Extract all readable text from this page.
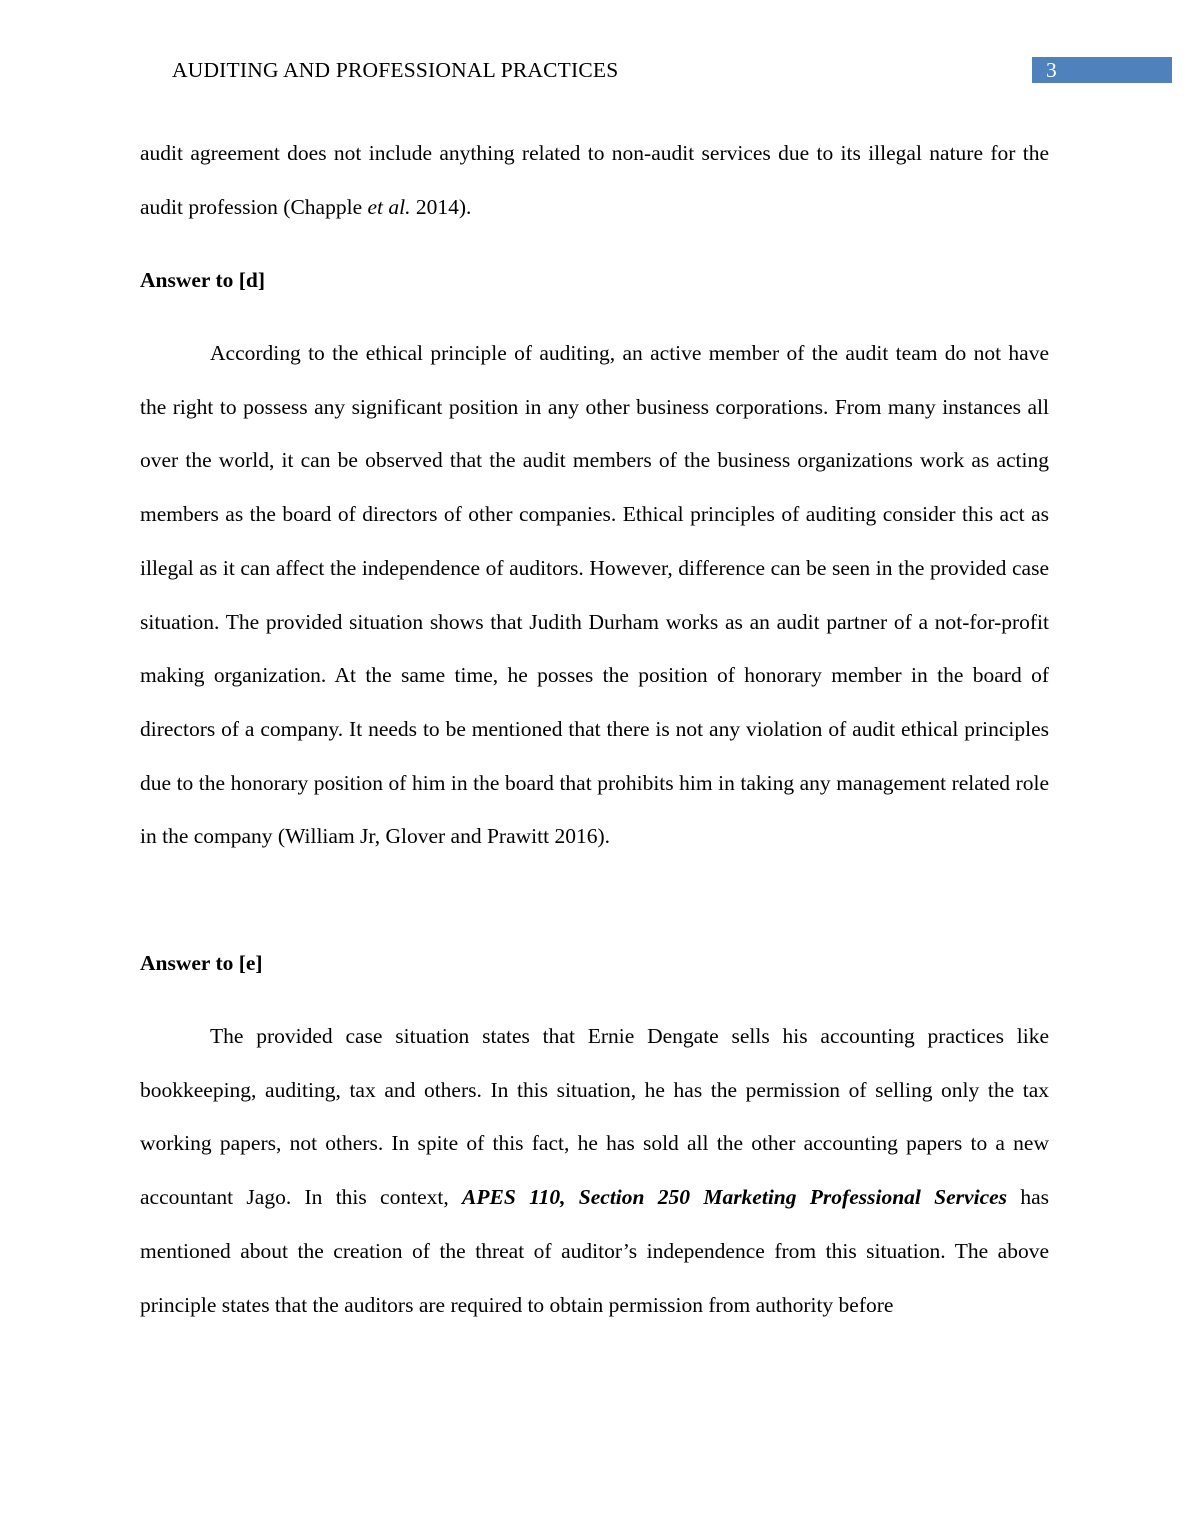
AUDITING AND PROFESSIONAL PRACTICES	3
audit agreement does not include anything related to non-audit services due to its illegal nature for the audit profession (Chapple et al. 2014).
Answer to [d]
According to the ethical principle of auditing, an active member of the audit team do not have the right to possess any significant position in any other business corporations. From many instances all over the world, it can be observed that the audit members of the business organizations work as acting members as the board of directors of other companies. Ethical principles of auditing consider this act as illegal as it can affect the independence of auditors. However, difference can be seen in the provided case situation. The provided situation shows that Judith Durham works as an audit partner of a not-for-profit making organization. At the same time, he posses the position of honorary member in the board of directors of a company. It needs to be mentioned that there is not any violation of audit ethical principles due to the honorary position of him in the board that prohibits him in taking any management related role in the company (William Jr, Glover and Prawitt 2016).
Answer to [e]
The provided case situation states that Ernie Dengate sells his accounting practices like bookkeeping, auditing, tax and others. In this situation, he has the permission of selling only the tax working papers, not others. In spite of this fact, he has sold all the other accounting papers to a new accountant Jago. In this context, APES 110, Section 250 Marketing Professional Services has mentioned about the creation of the threat of auditor’s independence from this situation. The above principle states that the auditors are required to obtain permission from authority before
